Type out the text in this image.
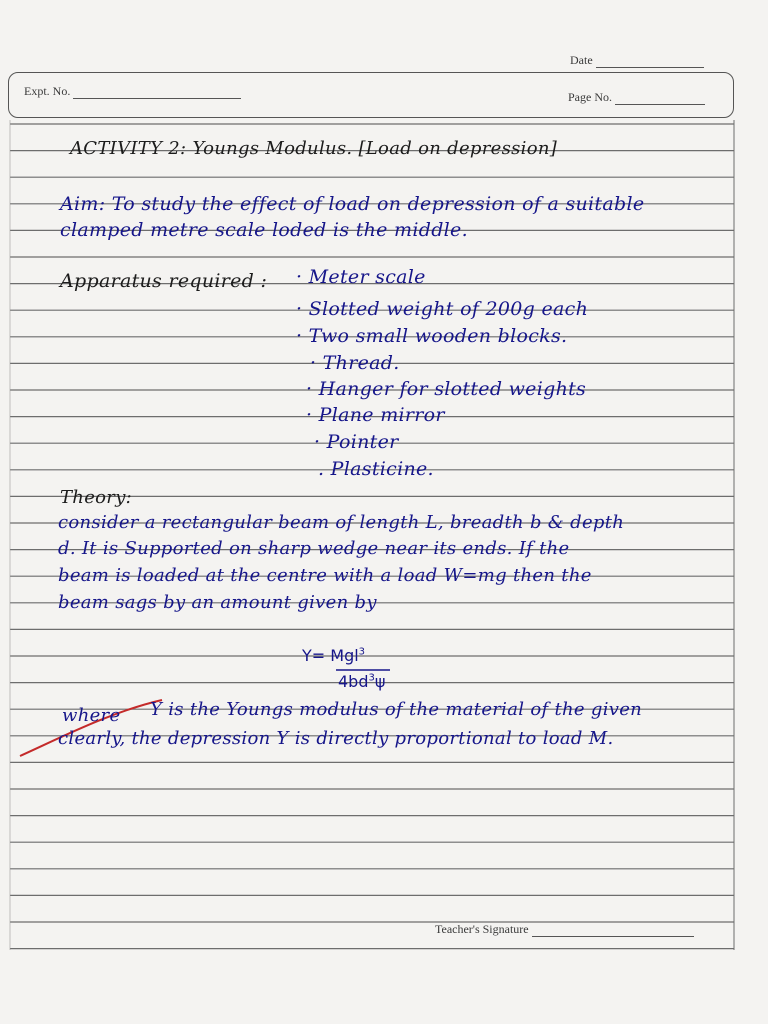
Date
Expt. No.	Page No.
ACTIVITY 2: Youngs Modulus. [Load on depression]
Aim: To study the effect of load on depression of a suitable
clamped metre scale loded is the middle.
Apparatus required : · Meter scale
· Slotted weight of 200g each
· Two small wooden blocks.
· Thread.
· Hanger for slotted weights
· Plane mirror
· Pointer
. Plasticine.
Theory:
consider a rectangular beam of length L, breadth b & depth
d. It is Supported on sharp wedge near its ends. If the
beam is loaded at the centre with a load W=mg then the
beam sags by an amount given by
Y= Mgl$^3$
$4bd^3\psi$
where Y is the Youngs modulus of the material of the given
clearly, the depression Y is directly proportional to load M.
Teacher's Signature
